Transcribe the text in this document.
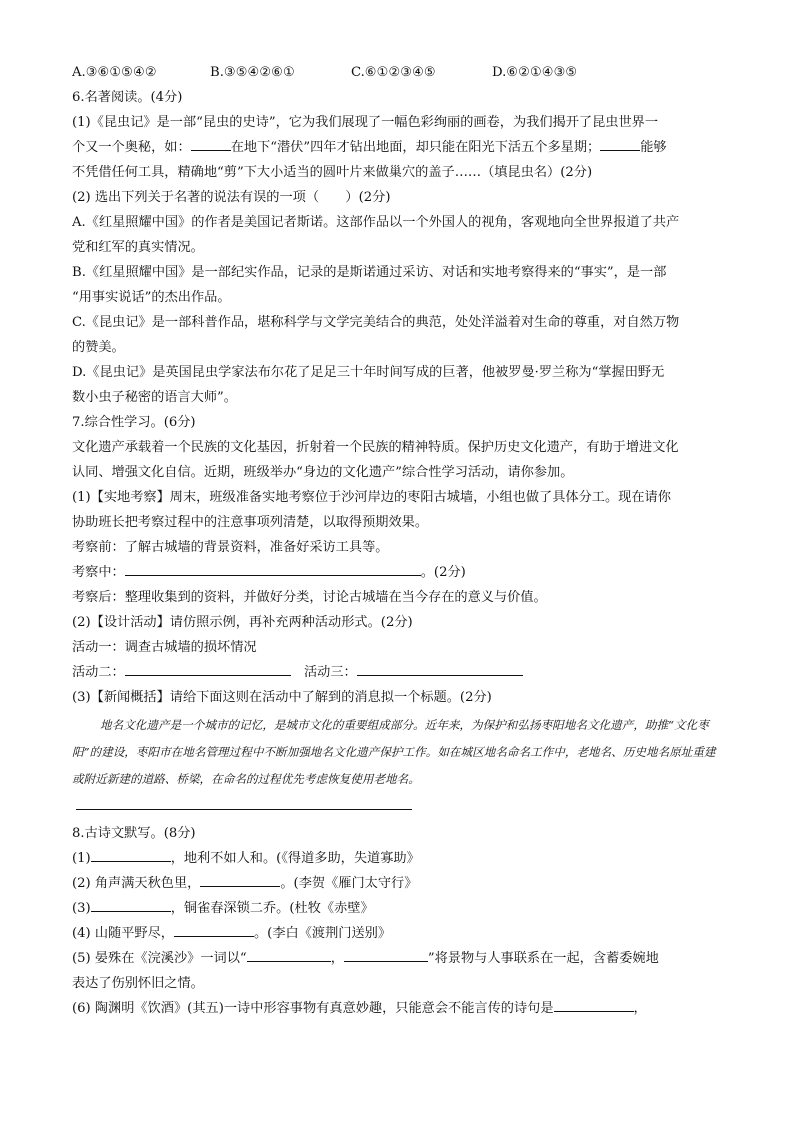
A.③⑥①⑤④②	B.③⑤④②⑥①	C.⑥①②③④⑤	D.⑥②①④③⑤
6.名著阅读。(4分)
(1)《昆虫记》是一部“昆虫的史诗”，它为我们展现了一幅色彩绚丽的画卷，为我们揭开了昆虫世界一
个又一个奥秘，如：	在地下“潜伏”四年才钻出地面，却只能在阳光下活五个多星期；	能够
不凭借任何工具，精确地“剪”下大小适当的圆叶片来做巢穴的盖子……（填昆虫名）(2分)
(2) 选出下列关于名著的说法有误的一项（　　）(2分)
A.《红星照耀中国》的作者是美国记者斯诺。这部作品以一个外国人的视角，客观地向全世界报道了共产
党和红军的真实情况。
B.《红星照耀中国》是一部纪实作品，记录的是斯诺通过采访、对话和实地考察得来的“事实”，是一部
“用事实说话”的杰出作品。
C.《昆虫记》是一部科普作品，堪称科学与文学完美结合的典范，处处洋溢着对生命的尊重，对自然万物
的赞美。
D.《昆虫记》是英国昆虫学家法布尔花了足足三十年时间写成的巨著，他被罗曼·罗兰称为“掌握田野无
数小虫子秘密的语言大师”。
7.综合性学习。(6分)
文化遗产承载着一个民族的文化基因，折射着一个民族的精神特质。保护历史文化遗产，有助于增进文化
认同、增强文化自信。近期，班级举办“身边的文化遗产”综合性学习活动，请你参加。
(1)【实地考察】周末，班级准备实地考察位于沙河岸边的枣阳古城墙，小组也做了具体分工。现在请你
协助班长把考察过程中的注意事项列清楚，以取得预期效果。
考察前：了解古城墙的背景资料，准备好采访工具等。
考察中：	。(2分)
考察后：整理收集到的资料，并做好分类，讨论古城墙在当今存在的意义与价值。
(2)【设计活动】请仿照示例，再补充两种活动形式。(2分)
活动一：调查古城墙的损坏情况
活动二：	活动三：
(3)【新闻概括】请给下面这则在活动中了解到的消息拟一个标题。(2分)
地名文化遗产是一个城市的记忆，是城市文化的重要组成部分。近年来，为保护和弘扬枣阳地名文化遗产，助推“文化枣阳”的建设，枣阳市在地名管理过程中不断加强地名文化遗产保护工作。如在城区地名命名工作中，老地名、历史地名原址重建或附近新建的道路、桥梁，在命名的过程优先考虑恢复使用老地名。
8.古诗文默写。(8分)
(1)	，地利不如人和。(《得道多助，失道寡助》
(2) 角声满天秋色里，	。(李贺《雁门太守行》
(3)	，铜雀春深锁二乔。(杜牧《赤壁》
(4) 山随平野尽，	。(李白《渡荆门送别》
(5) 晏殊在《浣溪沙》一词以“	，	”将景物与人事联系在一起，含蓄委婉地
表达了伤别怀旧之情。
(6) 陶渊明《饮酒》(其五)一诗中形容事物有真意妙趣，只能意会不能言传的诗句是	，
